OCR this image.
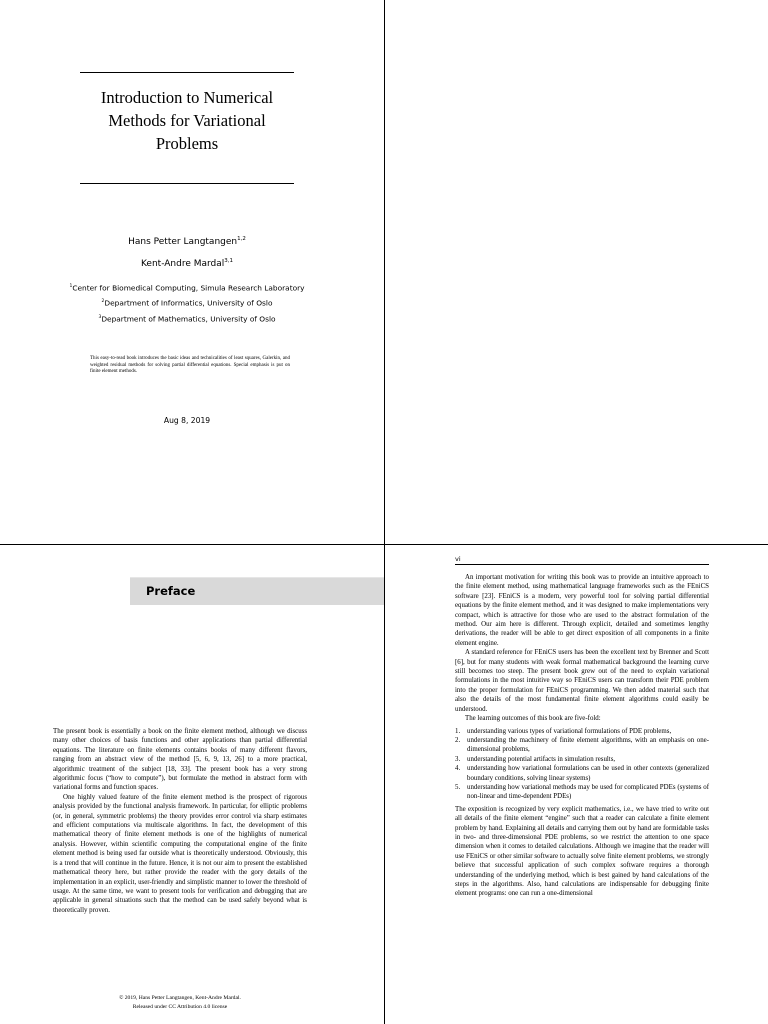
Introduction to Numerical
Methods for Variational
Problems
Hans Petter Langtangen$^{1,2}$
Kent-Andre Mardal$^{3,1}$
$^1$Center for Biomedical Computing, Simula Research Laboratory
$^2$Department of Informatics, University of Oslo
$^3$Department of Mathematics, University of Oslo
This easy-to-read book introduces the basic ideas and technicalities of least squares, Galerkin, and weighted residual methods for solving partial differential equations. Special emphasis is put on finite element methods.
Aug 8, 2019
Preface

The present book is essentially a book on the finite element method, although we discuss many other choices of basis functions and other applications than partial differential equations. The literature on finite elements contains books of many different flavors, ranging from an abstract view of the method [5, 6, 9, 13, 26] to a more practical, algorithmic treatment of the subject [18, 33]. The present book has a very strong algorithmic focus (“how to compute”), but formulate the method in abstract form with variational forms and function spaces.

One highly valued feature of the finite element method is the prospect of rigorous analysis provided by the functional analysis framework. In particular, for elliptic problems (or, in general, symmetric problems) the theory provides error control via sharp estimates and efficient computations via multiscale algorithms. In fact, the development of this mathematical theory of finite element methods is one of the highlights of numerical analysis. However, within scientific computing the computational engine of the finite element method is being used far outside what is theoretically understood. Obviously, this is a trend that will continue in the future. Hence, it is not our aim to present the established mathematical theory here, but rather provide the reader with the gory details of the implementation in an explicit, user-friendly and simplistic manner to lower the threshold of usage. At the same time, we want to present tools for verification and debugging that are applicable in general situations such that the method can be used safely beyond what is theoretically proven.

© 2019, Hans Petter Langtangen, Kent-Andre Mardal.
Released under CC Attribution 4.0 license
vi

An important motivation for writing this book was to provide an intuitive approach to the finite element method, using mathematical language frameworks such as the FEniCS software [23]. FEniCS is a modern, very powerful tool for solving partial differential equations by the finite element method, and it was designed to make implementations very compact, which is attractive for those who are used to the abstract formulation of the method. Our aim here is different. Through explicit, detailed and sometimes lengthy derivations, the reader will be able to get direct exposition of all components in a finite element engine.

A standard reference for FEniCS users has been the excellent text by Brenner and Scott [6], but for many students with weak formal mathematical background the learning curve still becomes too steep. The present book grew out of the need to explain variational formulations in the most intuitive way so FEniCS users can transform their PDE problem into the proper formulation for FEniCS programming. We then added material such that also the details of the most fundamental finite element algorithms could easily be understood.

The learning outcomes of this book are five-fold:

1. understanding various types of variational formulations of PDE problems,
2. understanding the machinery of finite element algorithms, with an emphasis on one-dimensional problems,
3. understanding potential artifacts in simulation results,
4. understanding how variational formulations can be used in other contexts (generalized boundary conditions, solving linear systems)
5. understanding how variational methods may be used for complicated PDEs (systems of non-linear and time-dependent PDEs)

The exposition is recognized by very explicit mathematics, i.e., we have tried to write out all details of the finite element “engine” such that a reader can calculate a finite element problem by hand. Explaining all details and carrying them out by hand are formidable tasks in two- and three-dimensional PDE problems, so we restrict the attention to one space dimension when it comes to detailed calculations. Although we imagine that the reader will use FEniCS or other similar software to actually solve finite element problems, we strongly believe that successful application of such complex software requires a thorough understanding of the underlying method, which is best gained by hand calculations of the steps in the algorithms. Also, hand calculations are indispensable for debugging finite element programs: one can run a one-dimensional
